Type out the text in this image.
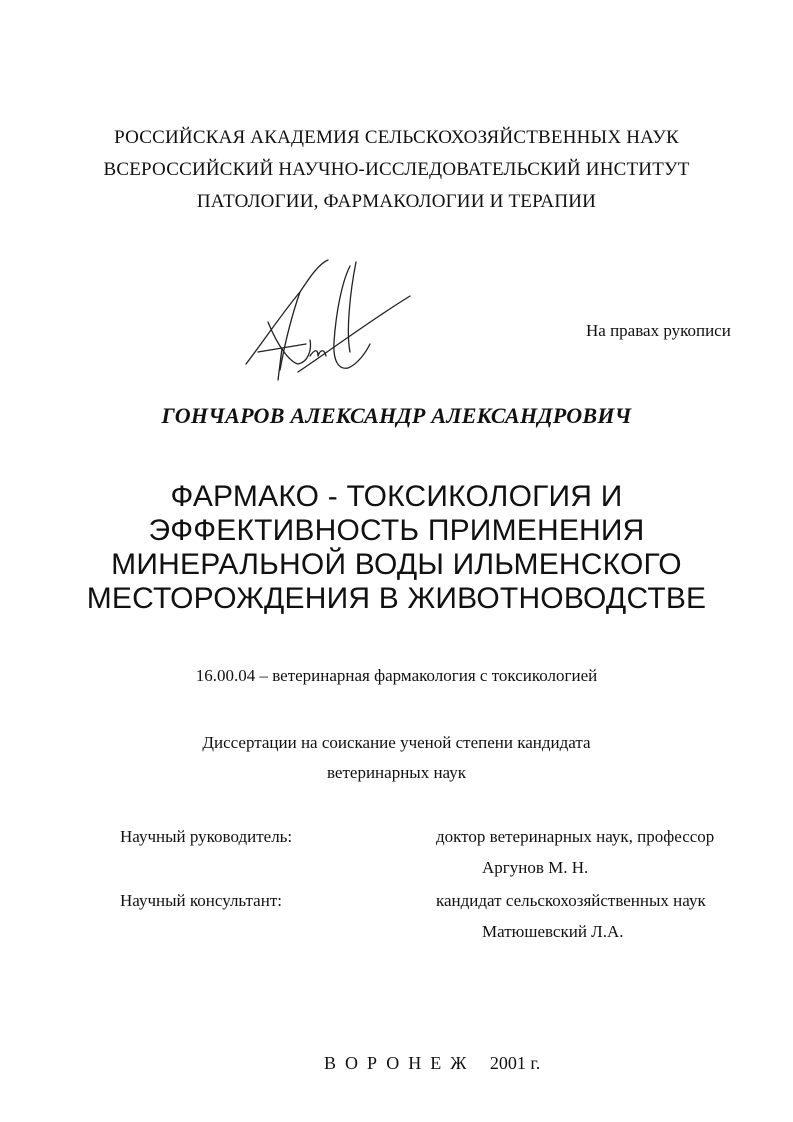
РОССИЙСКАЯ АКАДЕМИЯ СЕЛЬСКОХОЗЯЙСТВЕННЫХ НАУК
ВСЕРОССИЙСКИЙ НАУЧНО-ИССЛЕДОВАТЕЛЬСКИЙ ИНСТИТУТ
ПАТОЛОГИИ, ФАРМАКОЛОГИИ И ТЕРАПИИ
На правах рукописи
ГОНЧАРОВ АЛЕКСАНДР АЛЕКСАНДРОВИЧ
ФАРМАКО - ТОКСИКОЛОГИЯ И
ЭФФЕКТИВНОСТЬ ПРИМЕНЕНИЯ
МИНЕРАЛЬНОЙ ВОДЫ ИЛЬМЕНСКОГО
МЕСТОРОЖДЕНИЯ В ЖИВОТНОВОДСТВЕ
16.00.04 – ветеринарная фармакология с токсикологией
Диссертации на соискание ученой степени кандидата
ветеринарных наук
Научный руководитель:	доктор ветеринарных наук, профессор
Аргунов М. Н.
Научный консультант:	кандидат сельскохозяйственных наук
Матюшевский Л.А.
ВОРОНЕЖ 2001 г.
